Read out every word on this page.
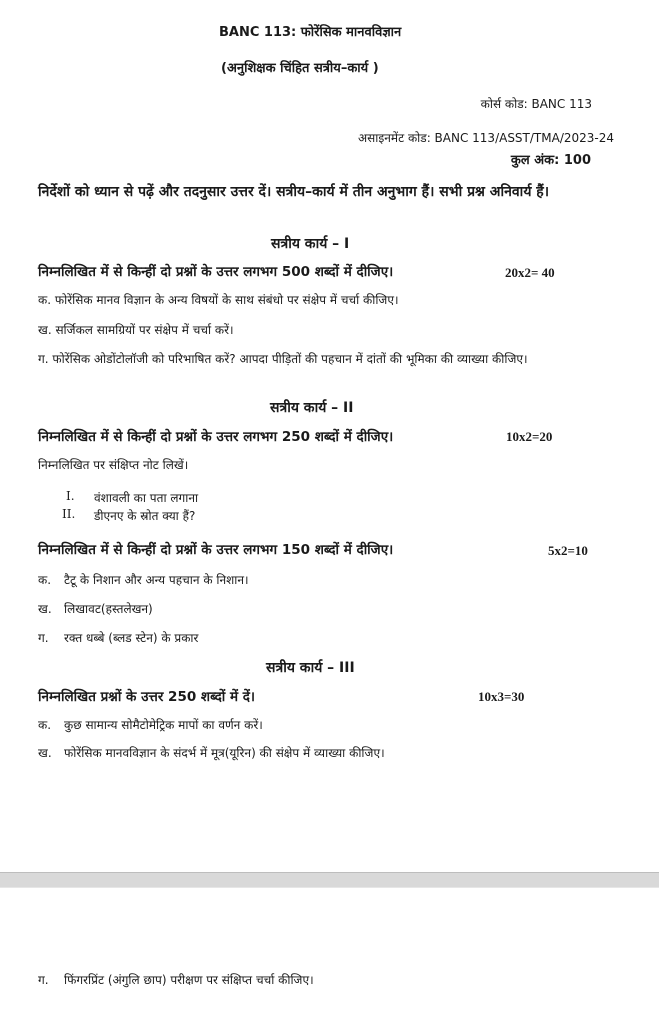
BANC 113: फोरेंसिक मानवविज्ञान
(अनुशिक्षक चिंहित सत्रीय–कार्य )
कोर्स कोड: BANC 113
असाइनमेंट कोड: BANC 113/ASST/TMA/2023-24
कुल अंक: 100
निर्देशों को ध्यान से पढ़ें और तदनुसार उत्तर दें। सत्रीय–कार्य में तीन अनुभाग हैं। सभी प्रश्न अनिवार्य हैं।
सत्रीय कार्य – I
निम्नलिखित में से किन्हीं दो प्रश्नों के उत्तर लगभग 500 शब्दों में दीजिए।	20x2= 40
क. फोरेंसिक मानव विज्ञान के अन्य विषयों के साथ संबंधो पर संक्षेप में चर्चा कीजिए।
ख. सर्जिकल सामग्रियों पर संक्षेप में चर्चा करें।
ग. फोरेंसिक ओडोंटोलॉजी को परिभाषित करें? आपदा पीड़ितों की पहचान में दांतों की भूमिका की व्याख्या कीजिए।
सत्रीय कार्य – II
निम्नलिखित में से किन्हीं दो प्रश्नों के उत्तर लगभग 250 शब्दों में दीजिए।	10x2=20
निम्नलिखित पर संक्षिप्त नोट लिखें।
I. वंशावली का पता लगाना
II. डीएनए के स्रोत क्या हैं?
निम्नलिखित में से किन्हीं दो प्रश्नों के उत्तर लगभग 150 शब्दों में दीजिए।	5x2=10
क. टैटू के निशान और अन्य पहचान के निशान।
ख. लिखावट(हस्तलेखन)
ग. रक्त धब्बे (ब्लड स्टेन) के प्रकार
सत्रीय कार्य – III
निम्नलिखित प्रश्नों के उत्तर 250 शब्दों में दें।	10x3=30
क. कुछ सामान्य सोमैटोमेट्रिक मापों का वर्णन करें।
ख. फोरेंसिक मानवविज्ञान के संदर्भ में मूत्र(यूरिन) की संक्षेप में व्याख्या कीजिए।
ग. फिंगरप्रिंट (अंगुलि छाप) परीक्षण पर संक्षिप्त चर्चा कीजिए।
